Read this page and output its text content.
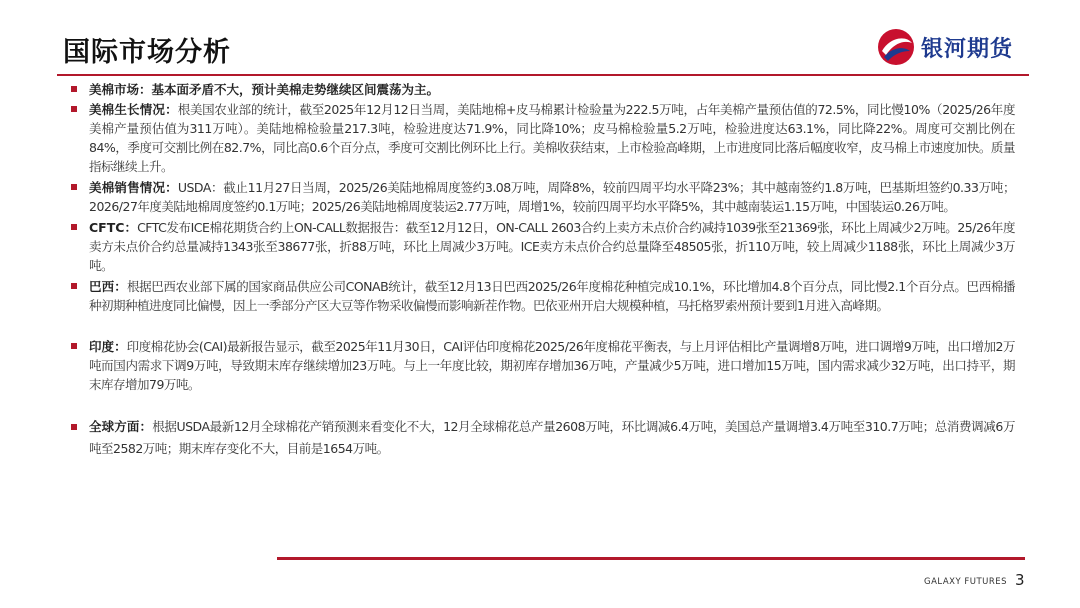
国际市场分析	银河期货
美棉市场：基本面矛盾不大，预计美棉走势继续区间震荡为主。
美棉生长情况：根美国农业部的统计，截至2025年12月12日当周，美陆地棉+皮马棉累计检验量为222.5万吨，占年美棉产量预估值的72.5%，同比慢10%（2025/26年度美棉产量预估值为311万吨）。美陆地棉检验量217.3吨，检验进度达71.9%，同比降10%；皮马棉检验量5.2万吨，检验进度达63.1%，同比降22%。周度可交割比例在84%，季度可交割比例在82.7%，同比高0.6个百分点，季度可交割比例环比上行。美棉收获结束，上市检验高峰期，上市进度同比落后幅度收窄，皮马棉上市速度加快。质量指标继续上升。
美棉销售情况：USDA：截止11月27日当周，2025/26美陆地棉周度签约3.08万吨，周降8%，较前四周平均水平降23%；其中越南签约1.8万吨，巴基斯坦签约0.33万吨；2026/27年度美陆地棉周度签约0.1万吨；2025/26美陆地棉周度装运2.77万吨，周增1%，较前四周平均水平降5%，其中越南装运1.15万吨，中国装运0.26万吨。
CFTC：CFTC发布ICE棉花期货合约上ON-CALL数据报告：截至12月12日，ON-CALL 2603合约上卖方未点价合约减持1039张至21369张，环比上周减少2万吨。25/26年度卖方未点价合约总量减持1343张至38677张，折88万吨，环比上周减少3万吨。ICE卖方未点价合约总量降至48505张，折110万吨，较上周减少1188张，环比上周减少3万吨。
巴西：根据巴西农业部下属的国家商品供应公司CONAB统计，截至12月13日巴西2025/26年度棉花种植完成10.1%，环比增加4.8个百分点，同比慢2.1个百分点。巴西棉播种初期种植进度同比偏慢，因上一季部分产区大豆等作物采收偏慢而影响新茬作物。巴依亚州开启大规模种植，马托格罗索州预计要到1月进入高峰期。
印度：印度棉花协会(CAI)最新报告显示，截至2025年11月30日，CAI评估印度棉花2025/26年度棉花平衡表，与上月评估相比产量调增8万吨，进口调增9万吨，出口增加2万吨而国内需求下调9万吨，导致期末库存继续增加23万吨。与上一年度比较，期初库存增加36万吨，产量减少5万吨，进口增加15万吨，国内需求减少32万吨，出口持平，期末库存增加79万吨。
全球方面：根据USDA最新12月全球棉花产销预测来看变化不大，12月全球棉花总产量2608万吨，环比调减6.4万吨，美国总产量调增3.4万吨至310.7万吨；总消费调减6万吨至2582万吨；期末库存变化不大，目前是1654万吨。
GALAXY FUTURES 3
